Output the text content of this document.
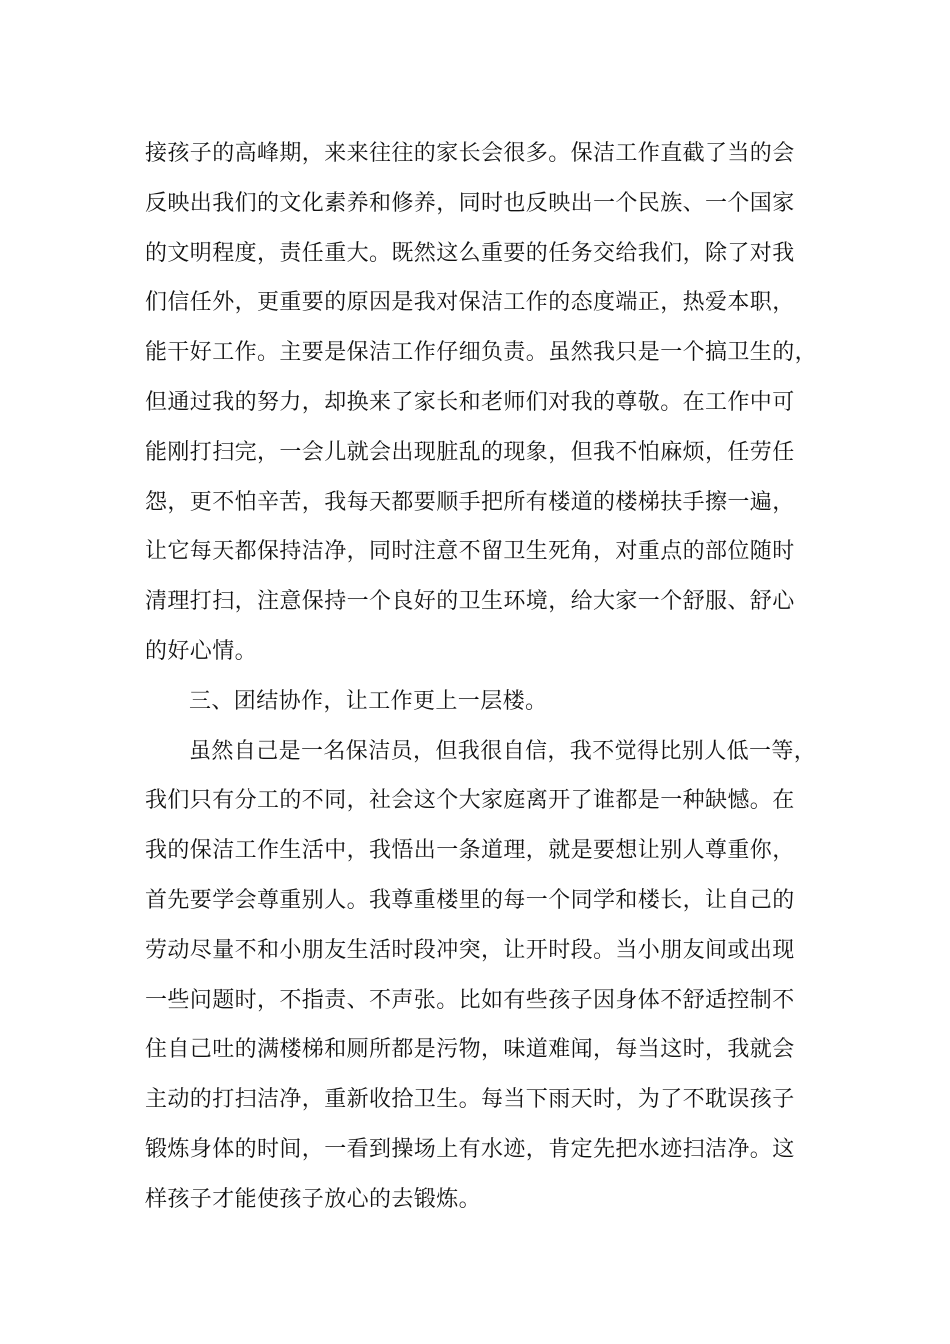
接孩子的高峰期，来来往往的家长会很多。保洁工作直截了当的会
反映出我们的文化素养和修养，同时也反映出一个民族、一个国家
的文明程度，责任重大。既然这么重要的任务交给我们，除了对我
们信任外，更重要的原因是我对保洁工作的态度端正，热爱本职，
能干好工作。主要是保洁工作仔细负责。虽然我只是一个搞卫生的，
但通过我的努力，却换来了家长和老师们对我的尊敬。在工作中可
能刚打扫完，一会儿就会出现脏乱的现象，但我不怕麻烦，任劳任
怨，更不怕辛苦，我每天都要顺手把所有楼道的楼梯扶手擦一遍，
让它每天都保持洁净，同时注意不留卫生死角，对重点的部位随时
清理打扫，注意保持一个良好的卫生环境，给大家一个舒服、舒心
的好心情。
三、团结协作，让工作更上一层楼。
虽然自己是一名保洁员，但我很自信，我不觉得比别人低一等，
我们只有分工的不同，社会这个大家庭离开了谁都是一种缺憾。在
我的保洁工作生活中，我悟出一条道理，就是要想让别人尊重你，
首先要学会尊重别人。我尊重楼里的每一个同学和楼长，让自己的
劳动尽量不和小朋友生活时段冲突，让开时段。当小朋友间或出现
一些问题时，不指责、不声张。比如有些孩子因身体不舒适控制不
住自己吐的满楼梯和厕所都是污物，味道难闻，每当这时，我就会
主动的打扫洁净，重新收拾卫生。每当下雨天时，为了不耽误孩子
锻炼身体的时间，一看到操场上有水迹，肯定先把水迹扫洁净。这
样孩子才能使孩子放心的去锻炼。
